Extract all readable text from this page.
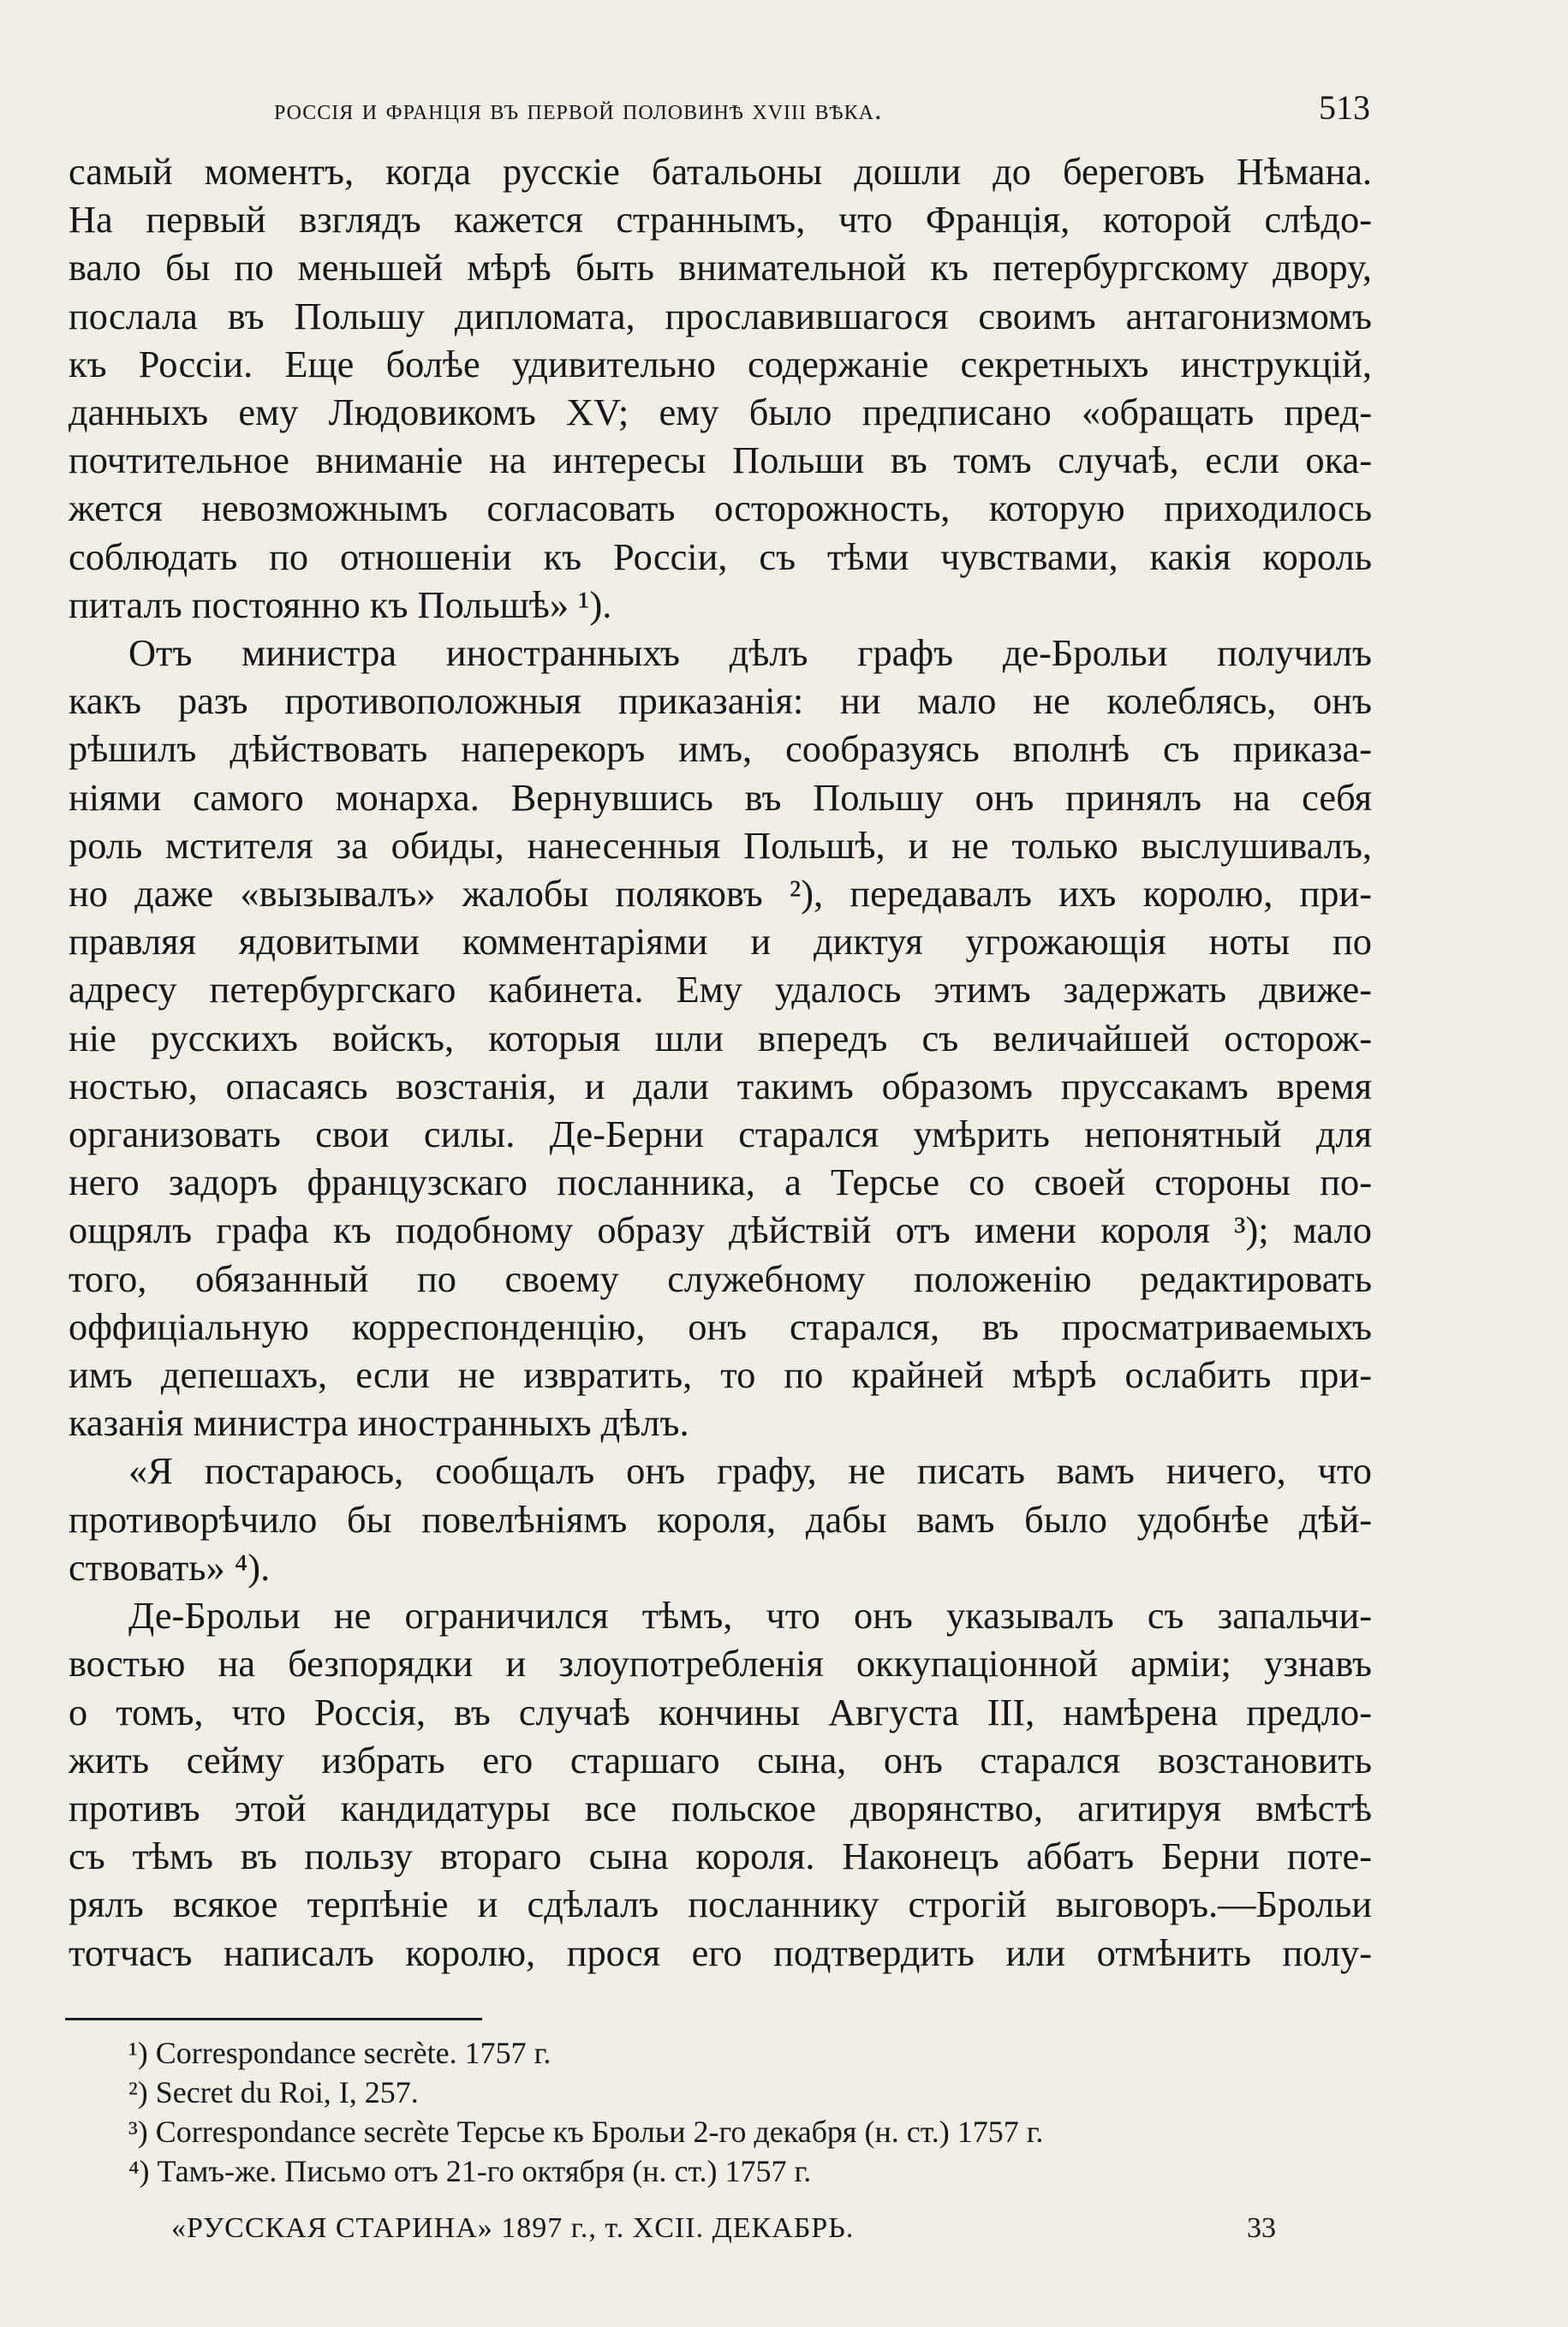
россія и франція въ первой половинѣ xviii вѣка.	513

самый моментъ, когда русскіе батальоны дошли до береговъ Нѣмана.
На первый взглядъ кажется страннымъ, что Франція, которой слѣдо-
вало бы по меньшей мѣрѣ быть внимательной къ петербургскому двору,
послала въ Польшу дипломата, прославившагося своимъ антагонизмомъ
къ Россіи. Еще болѣе удивительно содержаніе секретныхъ инструкцій,
данныхъ ему Людовикомъ XV; ему было предписано «обращать пред-
почтительное вниманіе на интересы Польши въ томъ случаѣ, если ока-
жется невозможнымъ согласовать осторожность, которую приходилось
соблюдать по отношеніи къ Россіи, съ тѣми чувствами, какія король
питалъ постоянно къ Польшѣ» ¹).

Отъ министра иностранныхъ дѣлъ графъ де-Брольи получилъ
какъ разъ противоположныя приказанія: ни мало не колеблясь, онъ
рѣшилъ дѣйствовать наперекоръ имъ, сообразуясь вполнѣ съ приказа-
ніями самого монарха. Вернувшись въ Польшу онъ принялъ на себя
роль мстителя за обиды, нанесенныя Польшѣ, и не только выслушивалъ,
но даже «вызывалъ» жалобы поляковъ ²), передавалъ ихъ королю, при-
правляя ядовитыми комментаріями и диктуя угрожающія ноты по
адресу петербургскаго кабинета. Ему удалось этимъ задержать движе-
ніе русскихъ войскъ, которыя шли впередъ съ величайшей осторож-
ностью, опасаясь возстанія, и дали такимъ образомъ пруссакамъ время
организовать свои силы. Де-Берни старался умѣрить непонятный для
него задоръ французскаго посланника, а Терсье со своей стороны по-
ощрялъ графа къ подобному образу дѣйствій отъ имени короля ³); мало
того, обязанный по своему служебному положенію редактировать
оффиціальную корреспонденцію, онъ старался, въ просматриваемыхъ
имъ депешахъ, если не извратить, то по крайней мѣрѣ ослабить при-
казанія министра иностранныхъ дѣлъ.

«Я постараюсь, сообщалъ онъ графу, не писать вамъ ничего, что
противорѣчило бы повелѣніямъ короля, дабы вамъ было удобнѣе дѣй-
ствовать» ⁴).

Де-Брольи не ограничился тѣмъ, что онъ указывалъ съ запальчи-
востью на безпорядки и злоупотребленія оккупаціонной арміи; узнавъ
о томъ, что Россія, въ случаѣ кончины Августа III, намѣрена предло-
жить сейму избрать его старшаго сына, онъ старался возстановить
противъ этой кандидатуры все польское дворянство, агитируя вмѣстѣ
съ тѣмъ въ пользу втораго сына короля. Наконецъ аббатъ Берни поте-
рялъ всякое терпѣніе и сдѣлалъ посланнику строгій выговоръ.—Брольи
тотчасъ написалъ королю, прося его подтвердить или отмѣнить полу-

¹) Correspondance secrète. 1757 г.
²) Secret du Roi, I, 257.
³) Correspondance secrète Терсье къ Брольи 2-го декабря (н. ст.) 1757 г.
⁴) Тамъ-же. Письмо отъ 21-го октября (н. ст.) 1757 г.
«РУССКАЯ СТАРИНА» 1897 г., т. XCII. ДЕКАБРЬ.	33
